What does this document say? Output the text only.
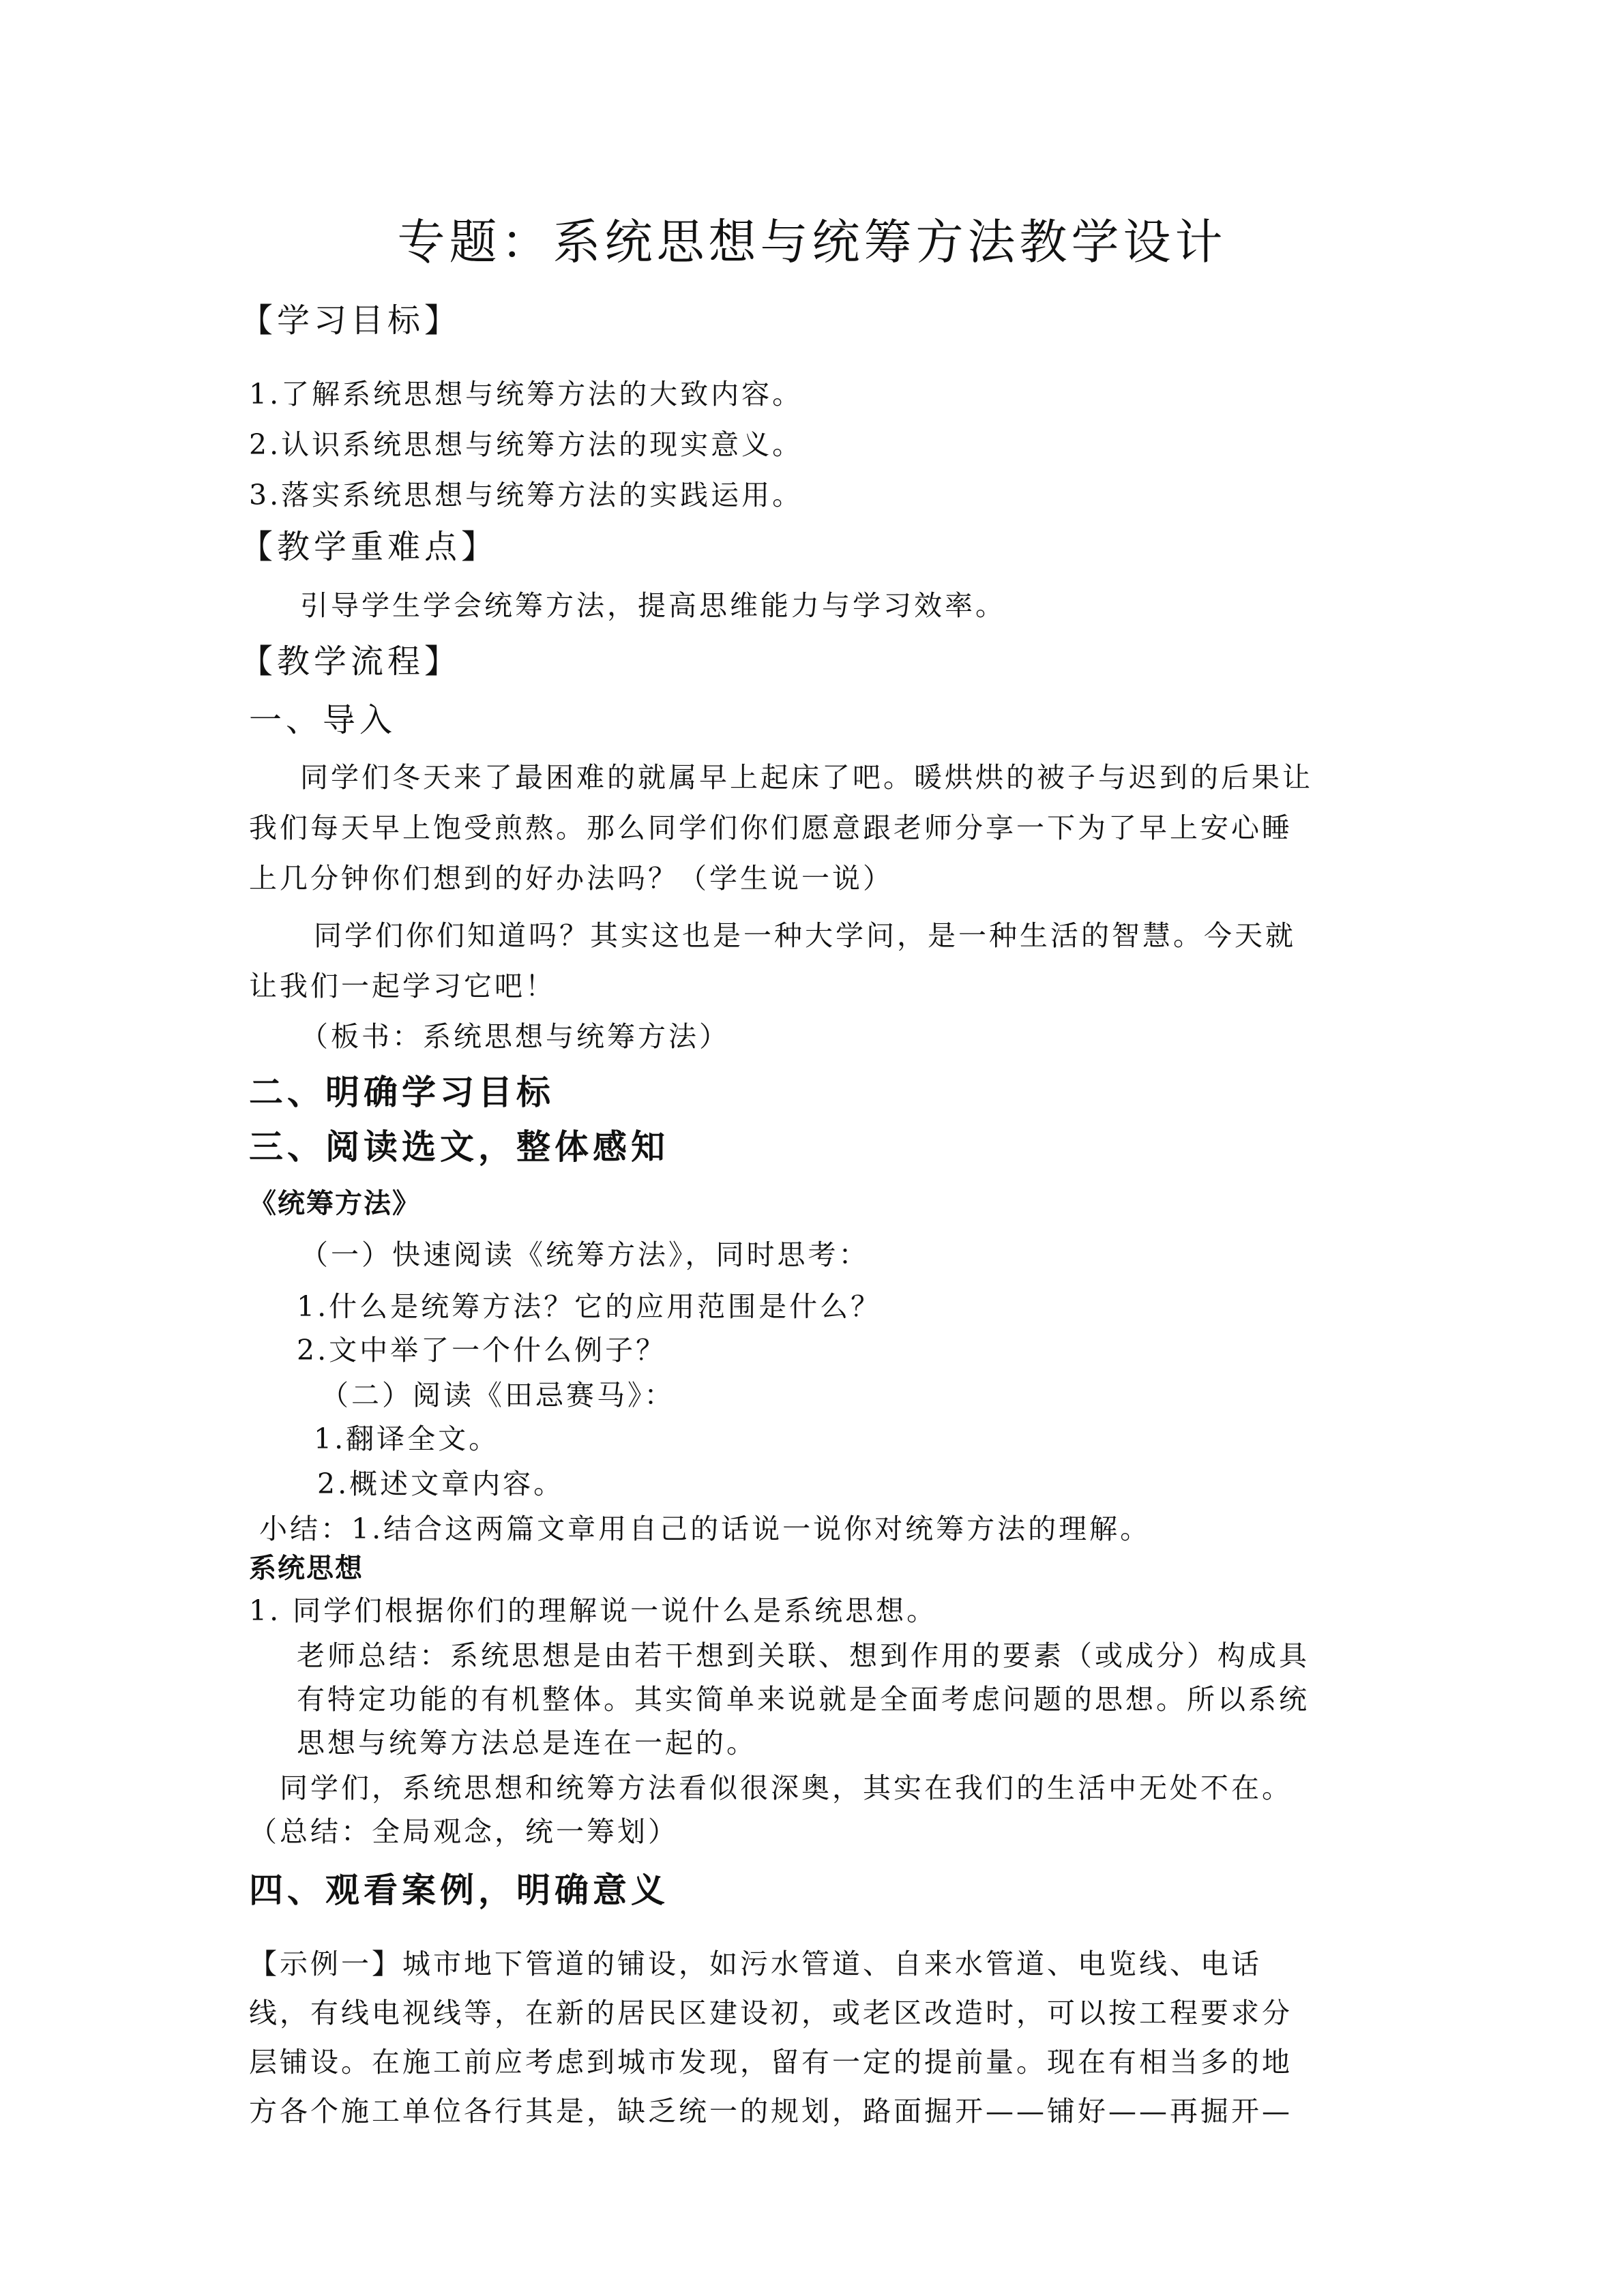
专题：系统思想与统筹方法教学设计
【学习目标】
1.了解系统思想与统筹方法的大致内容。
2.认识系统思想与统筹方法的现实意义。
3.落实系统思想与统筹方法的实践运用。
【教学重难点】
引导学生学会统筹方法，提高思维能力与学习效率。
【教学流程】
一、导入
同学们冬天来了最困难的就属早上起床了吧。暖烘烘的被子与迟到的后果让
我们每天早上饱受煎熬。那么同学们你们愿意跟老师分享一下为了早上安心睡
上几分钟你们想到的好办法吗？（学生说一说）
同学们你们知道吗？其实这也是一种大学问，是一种生活的智慧。今天就
让我们一起学习它吧！
（板书：系统思想与统筹方法）
二、明确学习目标
三、阅读选文，整体感知
《统筹方法》
（一）快速阅读《统筹方法》，同时思考：
1.什么是统筹方法？它的应用范围是什么？
2.文中举了一个什么例子？
（二）阅读《田忌赛马》：
1.翻译全文。
2.概述文章内容。
小结：1.结合这两篇文章用自己的话说一说你对统筹方法的理解。
系统思想
1. 同学们根据你们的理解说一说什么是系统思想。
老师总结：系统思想是由若干想到关联、想到作用的要素（或成分）构成具
有特定功能的有机整体。其实简单来说就是全面考虑问题的思想。所以系统
思想与统筹方法总是连在一起的。
同学们，系统思想和统筹方法看似很深奥，其实在我们的生活中无处不在。
（总结：全局观念，统一筹划）
四、观看案例，明确意义
【示例一】城市地下管道的铺设，如污水管道、自来水管道、电览线、电话
线，有线电视线等，在新的居民区建设初，或老区改造时，可以按工程要求分
层铺设。在施工前应考虑到城市发现，留有一定的提前量。现在有相当多的地
方各个施工单位各行其是，缺乏统一的规划，路面掘开——铺好——再掘开—
